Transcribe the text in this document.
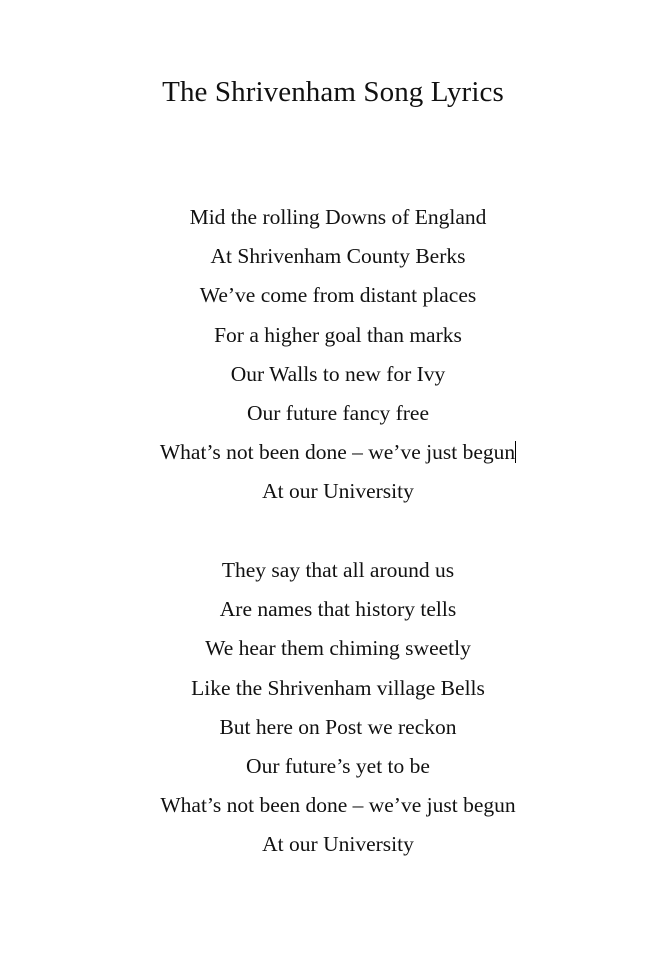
The Shrivenham Song Lyrics
Mid the rolling Downs of England
At Shrivenham County Berks
We’ve come from distant places
For a higher goal than marks
Our Walls to new for Ivy
Our future fancy free
What’s not been done – we’ve just begun
At our University
They say that all around us
Are names that history tells
We hear them chiming sweetly
Like the Shrivenham village Bells
But here on Post we reckon
Our future’s yet to be
What’s not been done – we’ve just begun
At our University
